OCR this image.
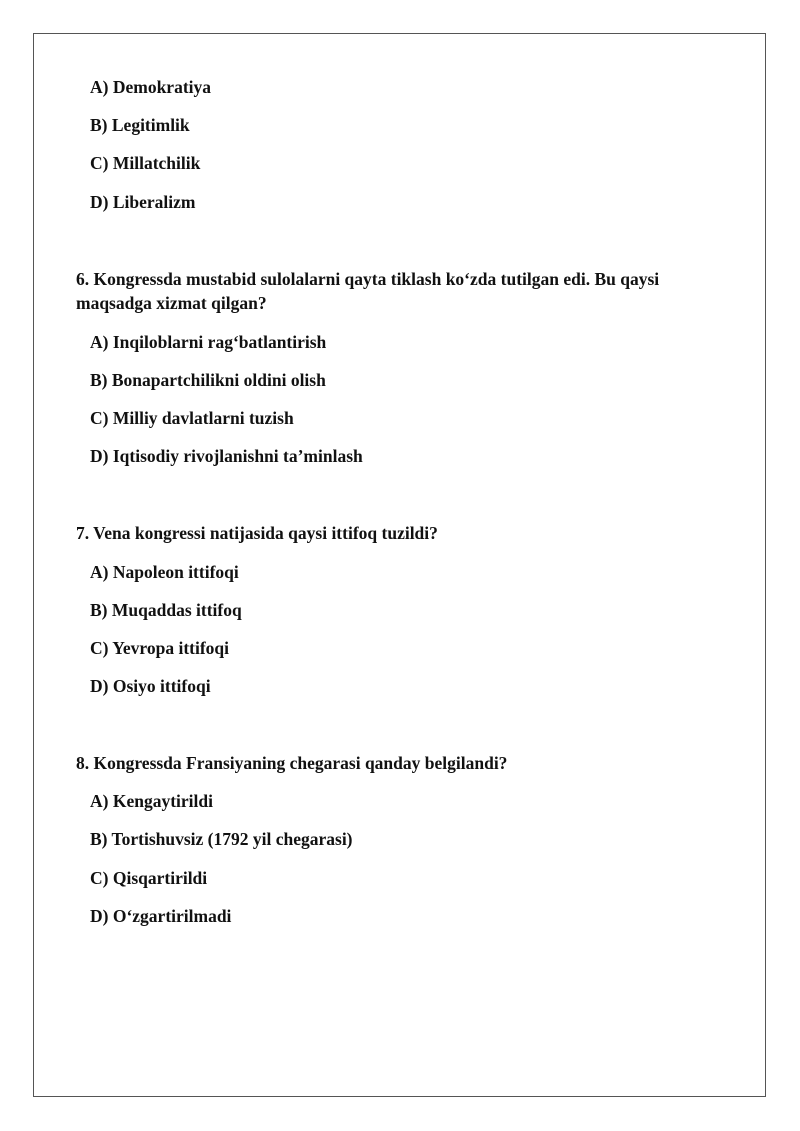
A) Demokratiya
B) Legitimlik
C) Millatchilik
D) Liberalizm
6. Kongressda mustabid sulolalarni qayta tiklash ko‘zda tutilgan edi. Bu qaysi
maqsadga xizmat qilgan?
A) Inqiloblarni rag‘batlantirish
B) Bonapartchilikni oldini olish
C) Milliy davlatlarni tuzish
D) Iqtisodiy rivojlanishni ta’minlash
7. Vena kongressi natijasida qaysi ittifoq tuzildi?
A) Napoleon ittifoqi
B) Muqaddas ittifoq
C) Yevropa ittifoqi
D) Osiyo ittifoqi
8. Kongressda Fransiyaning chegarasi qanday belgilandi?
A) Kengaytirildi
B) Tortishuvsiz (1792 yil chegarasi)
C) Qisqartirildi
D) O‘zgartirilmadi
